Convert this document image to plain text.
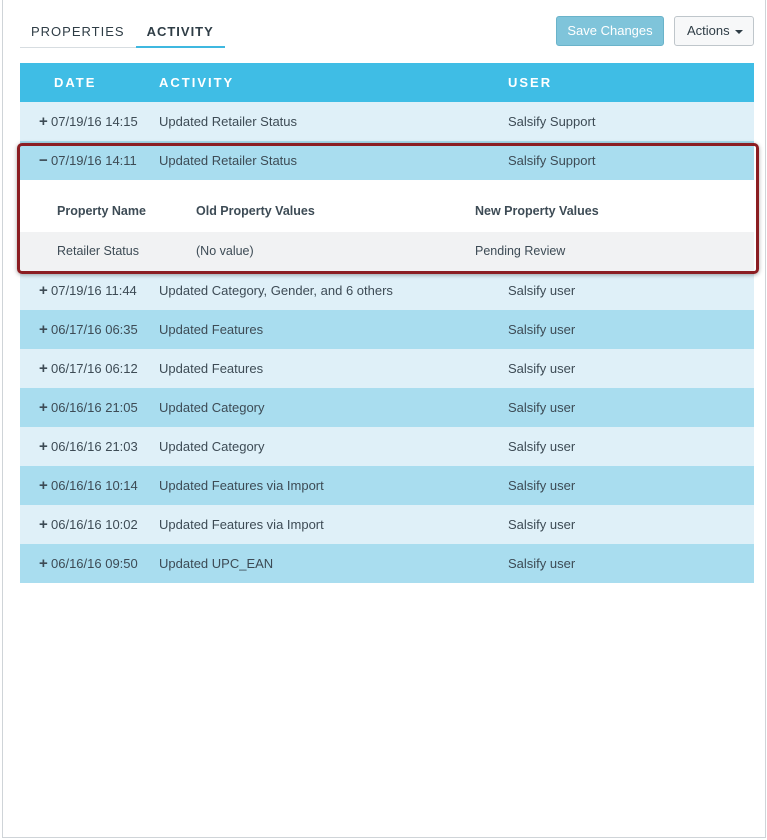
PROPERTIES	ACTIVITY	Save Changes	Actions
DATE	ACTIVITY	USER
+ 07/19/16 14:15 Updated Retailer Status	Salsify Support
− 07/19/16 14:11 Updated Retailer Status	Salsify Support
Property Name	Old Property Values	New Property Values
Retailer Status	(No value)	Pending Review
+ 07/19/16 11:44 Updated Category, Gender, and 6 others	Salsify user
+ 06/17/16 06:35 Updated Features	Salsify user
+ 06/17/16 06:12 Updated Features	Salsify user
+ 06/16/16 21:05 Updated Category	Salsify user
+ 06/16/16 21:03 Updated Category	Salsify user
+ 06/16/16 10:14 Updated Features via Import	Salsify user
+ 06/16/16 10:02 Updated Features via Import	Salsify user
+ 06/16/16 09:50 Updated UPC_EAN	Salsify user
